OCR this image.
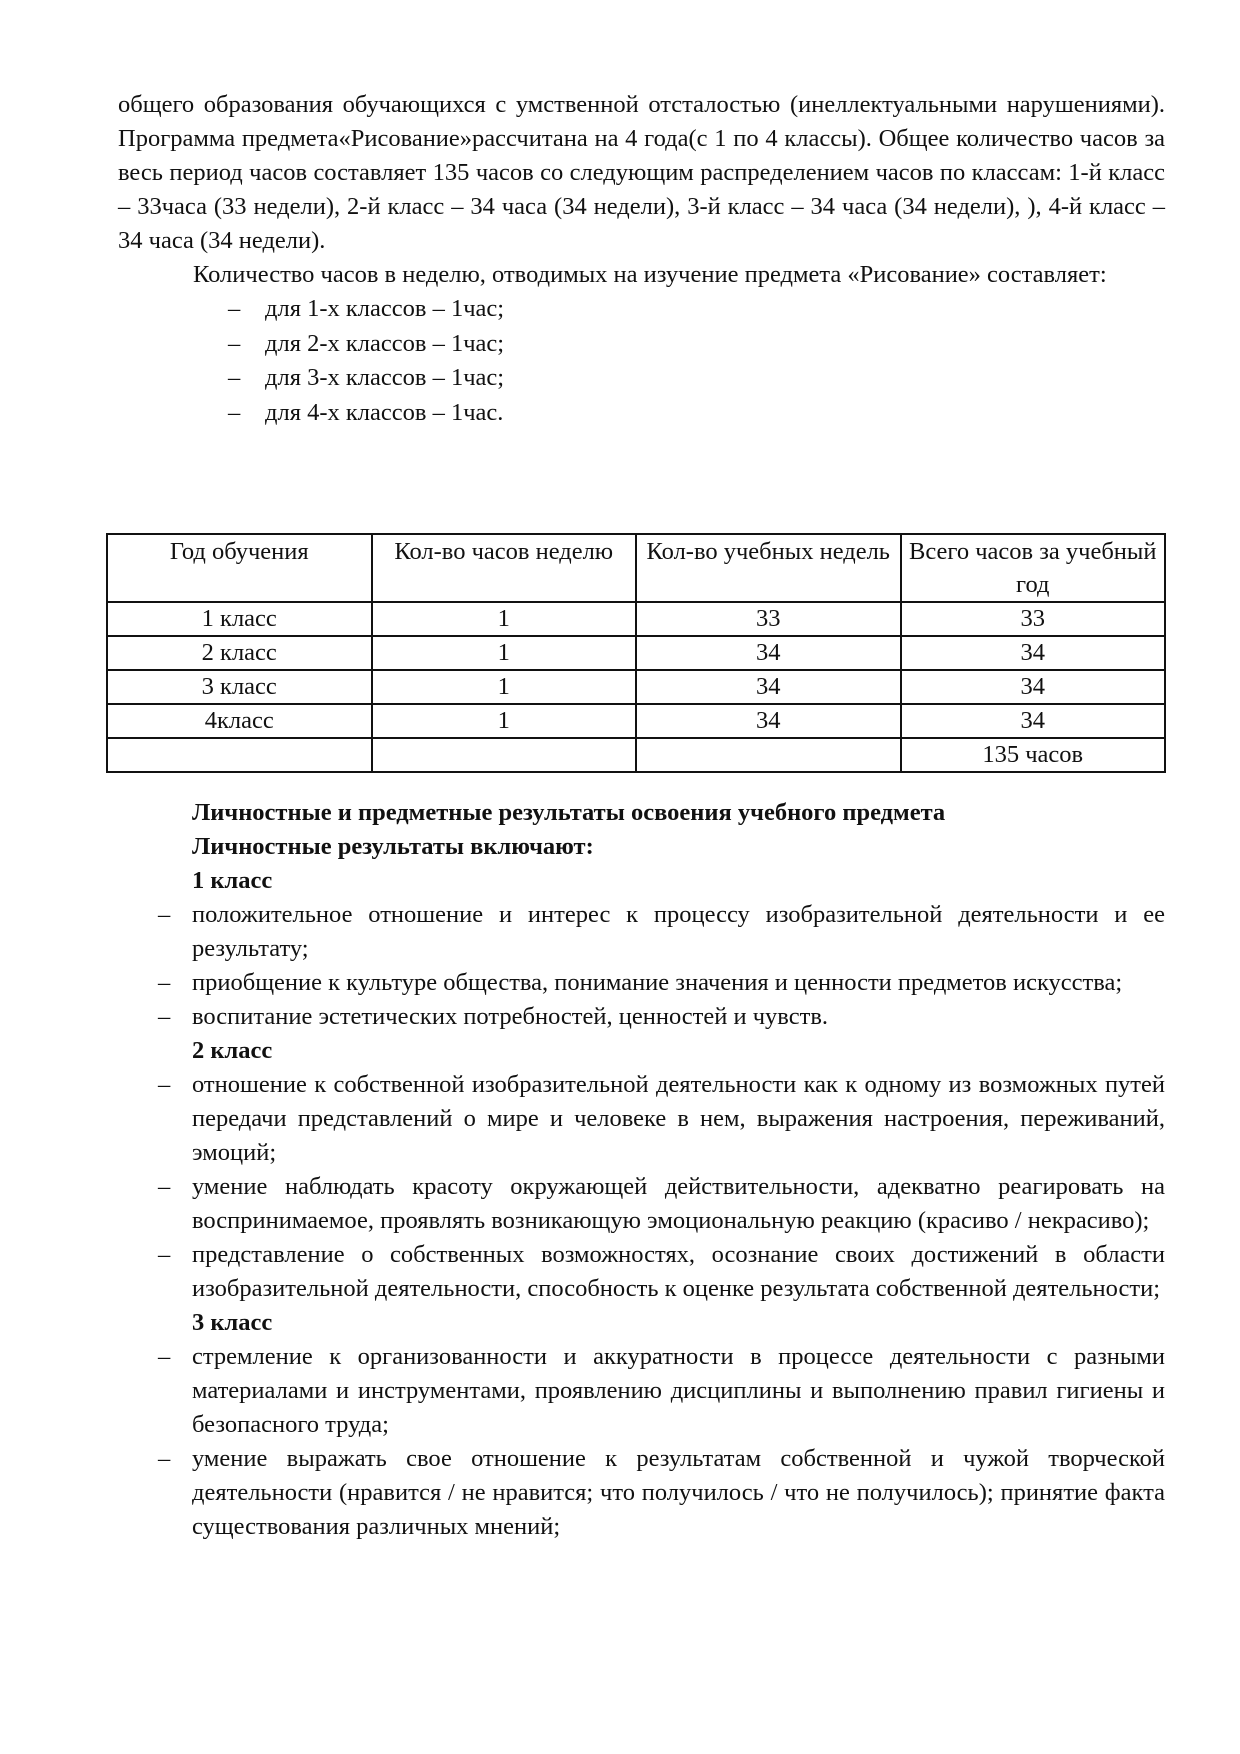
общего образования обучающихся с умственной отсталостью (инеллектуальными нарушениями). Программа предмета«Рисование»рассчитана на 4 года(с 1 по 4 классы). Общее количество часов за весь период часов составляет 135 часов со следующим распределением часов по классам: 1-й класс – 33часа (33 недели), 2-й класс – 34 часа (34 недели), 3-й класс – 34 часа (34 недели), ), 4-й класс – 34 часа (34 недели).

Количество часов в неделю, отводимых на изучение предмета «Рисование» составляет:

– для 1-х классов – 1час;
– для 2-х классов – 1час;
– для 3-х классов – 1час;
– для 4-х классов – 1час.
Год обучения	Кол-во часов неделю	Кол-во учебных недель	Всего часов за учебный год
1 класс	1	33	33
2 класс	1	34	34
3 класс	1	34	34
4класс	1	34	34
			135 часов

Личностные и предметные результаты освоения учебного предмета

Личностные результаты включают:

1 класс

– положительное отношение и интерес к процессу изобразительной деятельности и ее результату;
– приобщение к культуре общества, понимание значения и ценности предметов искусства;
– воспитание эстетических потребностей, ценностей и чувств.

2 класс

– отношение к собственной изобразительной деятельности как к одному из возможных путей передачи представлений о мире и человеке в нем, выражения настроения, переживаний, эмоций;
– умение наблюдать красоту окружающей действительности, адекватно реагировать на воспринимаемое, проявлять возникающую эмоциональную реакцию (красиво / некрасиво);
– представление о собственных возможностях, осознание своих достижений в области изобразительной деятельности, способность к оценке результата собственной деятельности;

3 класс

– стремление к организованности и аккуратности в процессе деятельности с разными материалами и инструментами, проявлению дисциплины и выполнению правил гигиены и безопасного труда;
– умение выражать свое отношение к результатам собственной и чужой творческой деятельности (нравится / не нравится; что получилось / что не получилось); принятие факта существования различных мнений;
